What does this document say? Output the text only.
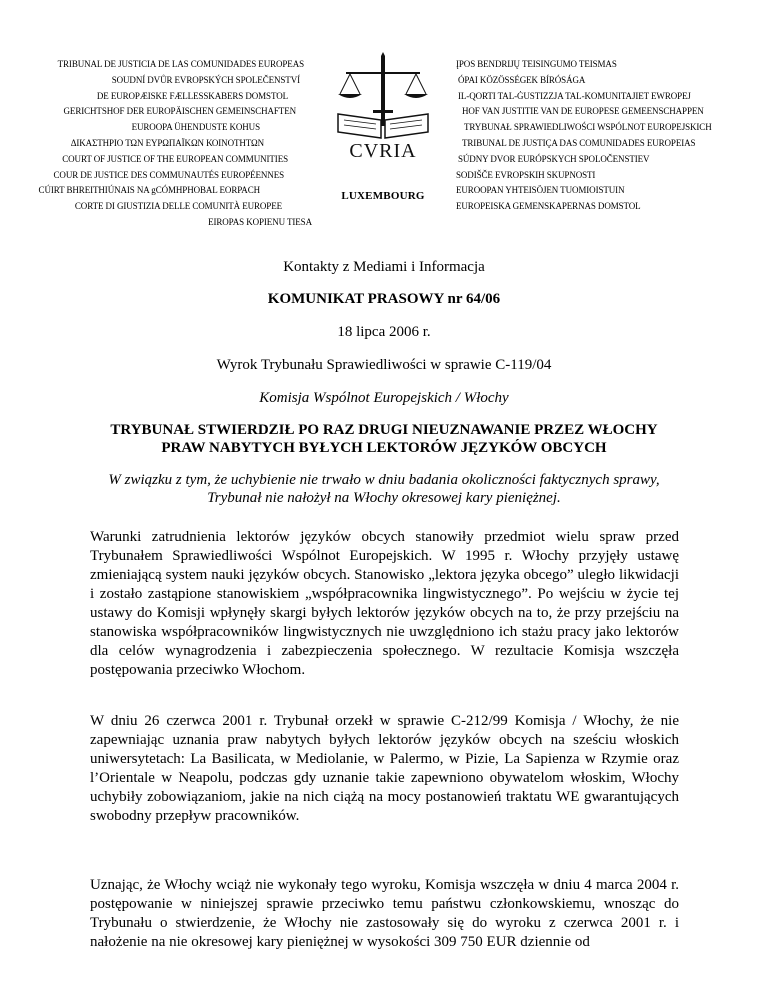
TRIBUNAL DE JUSTICIA DE LAS COMUNIDADES EUROPEAS
SOUDNÍ DVŮR EVROPSKÝCH SPOLEČENSTVÍ
DE EUROPÆISKE FÆLLESSKABERS DOMSTOL
GERICHTSHOF DER EUROPÄISCHEN GEMEINSCHAFTEN
EUROOPA ÜHENDUSTE KOHUS
ΔΙΚΑΣΤΗΡΙΟ ΤΩΝ ΕΥΡΩΠΑΪΚΩΝ ΚΟΙΝΟΤΗΤΩΝ
COURT OF JUSTICE OF THE EUROPEAN COMMUNITIES
COUR DE JUSTICE DES COMMUNAUTÉS EUROPÉENNES
CÚIRT BHREITHIÚNAIS NA gCÓMHPHOBAL EORPACH
CORTE DI GIUSTIZIA DELLE COMUNITÀ EUROPEE
EIROPAS KOPIENU TIESA
CVRIA
LUXEMBOURG
ĮPOS BENDRIJŲ TEISINGUMO TEISMAS
ÓPAI KÖZÖSSÉGEK BÍRÓSÁGA
IL-QORTI TAL-ĠUSTIZZJA TAL-KOMUNITAJIET EWROPEJ
HOF VAN JUSTITIE VAN DE EUROPESE GEMEENSCHAPPEN
TRYBUNAŁ SPRAWIEDLIWOŚCI WSPÓLNOT EUROPEJSKICH
TRIBUNAL DE JUSTIÇA DAS COMUNIDADES EUROPEIAS
SÚDNY DVOR EURÓPSKYCH SPOLOČENSTIEV
SODIŠČE EVROPSKIH SKUPNOSTI
EUROOPAN YHTEISÖJEN TUOMIOISTUIN
EUROPEISKA GEMENSKAPERNAS DOMSTOL
Kontakty z Mediami i Informacja
KOMUNIKAT PRASOWY nr 64/06
18 lipca 2006 r.
Wyrok Trybunału Sprawiedliwości w sprawie C-119/04
Komisja Wspólnot Europejskich / Włochy
TRYBUNAŁ STWIERDZIŁ PO RAZ DRUGI NIEUZNAWANIE PRZEZ WŁOCHY
PRAW NABYTYCH BYŁYCH LEKTORÓW JĘZYKÓW OBCYCH
W związku z tym, że uchybienie nie trwało w dniu badania okoliczności faktycznych sprawy,
Trybunał nie nałożył na Włochy okresowej kary pieniężnej.
Warunki zatrudnienia lektorów języków obcych stanowiły przedmiot wielu spraw przed Trybunałem Sprawiedliwości Wspólnot Europejskich. W 1995 r. Włochy przyjęły ustawę zmieniającą system nauki języków obcych. Stanowisko „lektora języka obcego” uległo likwidacji i zostało zastąpione stanowiskiem „współpracownika lingwistycznego”. Po wejściu w życie tej ustawy do Komisji wpłynęły skargi byłych lektorów języków obcych na to, że przy przejściu na stanowiska współpracowników lingwistycznych nie uwzględniono ich stażu pracy jako lektorów dla celów wynagrodzenia i zabezpieczenia społecznego. W rezultacie Komisja wszczęła postępowania przeciwko Włochom.
W dniu 26 czerwca 2001 r. Trybunał orzekł w sprawie C-212/99 Komisja / Włochy, że nie zapewniając uznania praw nabytych byłych lektorów języków obcych na sześciu włoskich uniwersytetach: La Basilicata, w Mediolanie, w Palermo, w Pizie, La Sapienza w Rzymie oraz l’Orientale w Neapolu, podczas gdy uznanie takie zapewniono obywatelom włoskim, Włochy uchybiły zobowiązaniom, jakie na nich ciążą na mocy postanowień traktatu WE gwarantujących swobodny przepływ pracowników.
Uznając, że Włochy wciąż nie wykonały tego wyroku, Komisja wszczęła w dniu 4 marca 2004 r. postępowanie w niniejszej sprawie przeciwko temu państwu członkowskiemu, wnosząc do Trybunału o stwierdzenie, że Włochy nie zastosowały się do wyroku z czerwca 2001 r. i nałożenie na nie okresowej kary pieniężnej w wysokości 309 750 EUR dziennie od
